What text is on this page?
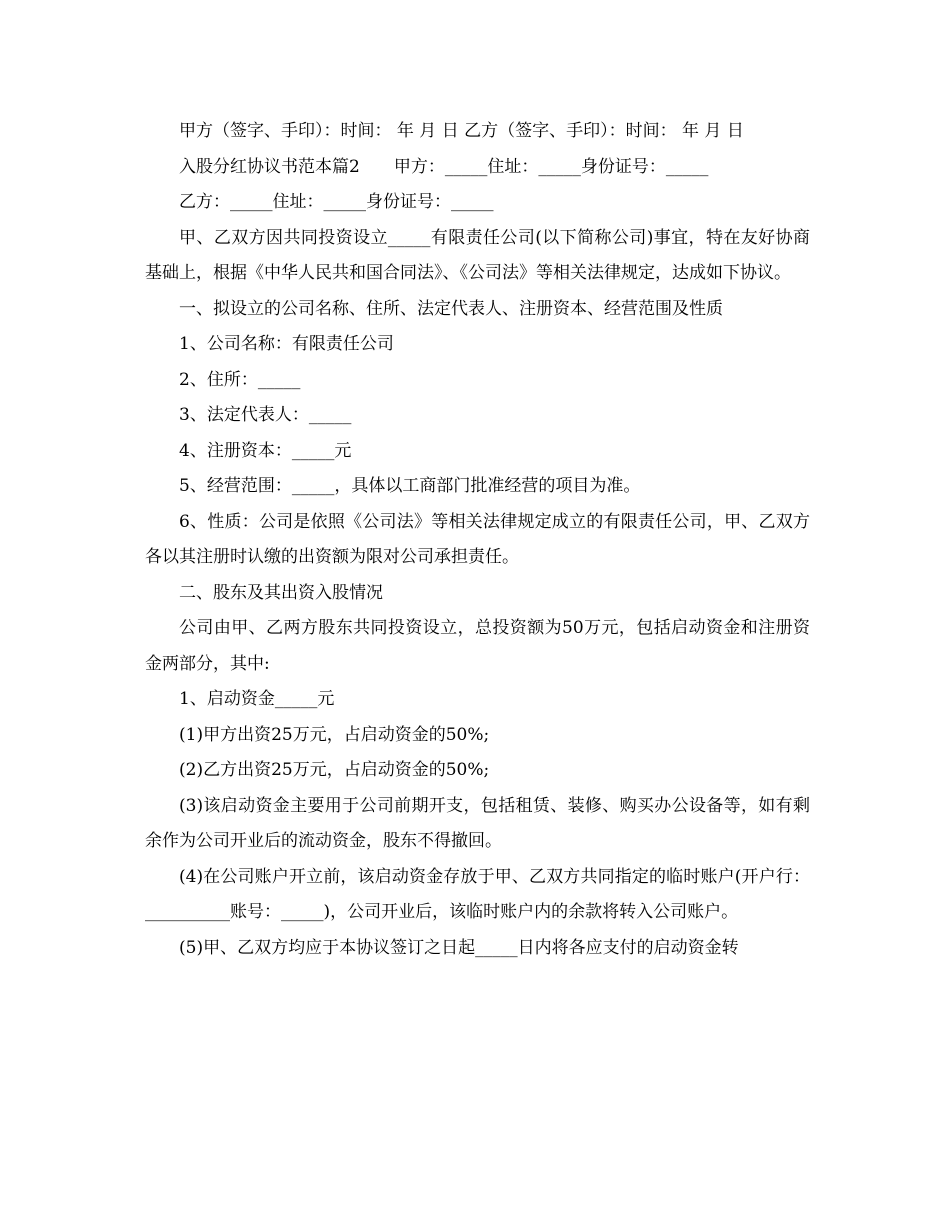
甲方（签字、手印）：时间： 年 月 日 乙方（签字、手印）：时间： 年 月 日

入股分红协议书范本篇2　　甲方：_____住址：_____身份证号：_____

乙方：_____住址：_____身份证号：_____

甲、乙双方因共同投资设立_____有限责任公司(以下简称公司)事宜，特在友好协商基础上，根据《中华人民共和国合同法》、《公司法》等相关法律规定，达成如下协议。

一、拟设立的公司名称、住所、法定代表人、注册资本、经营范围及性质

1、公司名称：有限责任公司

2、住所：_____

3、法定代表人：_____

4、注册资本：_____元

5、经营范围：_____，具体以工商部门批准经营的项目为准。

6、性质：公司是依照《公司法》等相关法律规定成立的有限责任公司，甲、乙双方各以其注册时认缴的出资额为限对公司承担责任。

二、股东及其出资入股情况

公司由甲、乙两方股东共同投资设立，总投资额为50万元，包括启动资金和注册资金两部分，其中:

1、启动资金_____元

(1)甲方出资25万元，占启动资金的50%;

(2)乙方出资25万元，占启动资金的50%;

(3)该启动资金主要用于公司前期开支，包括租赁、装修、购买办公设备等，如有剩余作为公司开业后的流动资金，股东不得撤回。

(4)在公司账户开立前，该启动资金存放于甲、乙双方共同指定的临时账户(开户行：__________账号：_____)，公司开业后，该临时账户内的余款将转入公司账户。

(5)甲、乙双方均应于本协议签订之日起_____日内将各应支付的启动资金转
